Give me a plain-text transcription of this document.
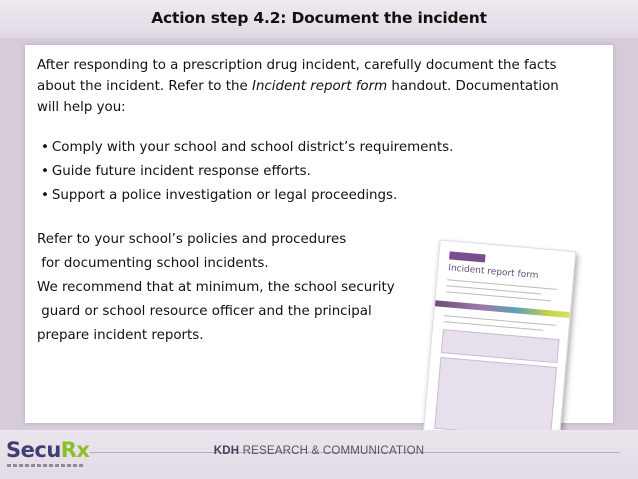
Action step 4.2: Document the incident
After responding to a prescription drug incident, carefully document the facts
about the incident. Refer to the Incident report form handout. Documentation
will help you:
• Comply with your school and school district’s requirements.
• Guide future incident response efforts.
• Support a police investigation or legal proceedings.
Refer to your school’s policies and procedures
for documenting school incidents.
We recommend that at minimum, the school security
guard or school resource officer and the principal
prepare incident reports.
Incident report form
SecuRx	KDH RESEARCH & COMMUNICATION
